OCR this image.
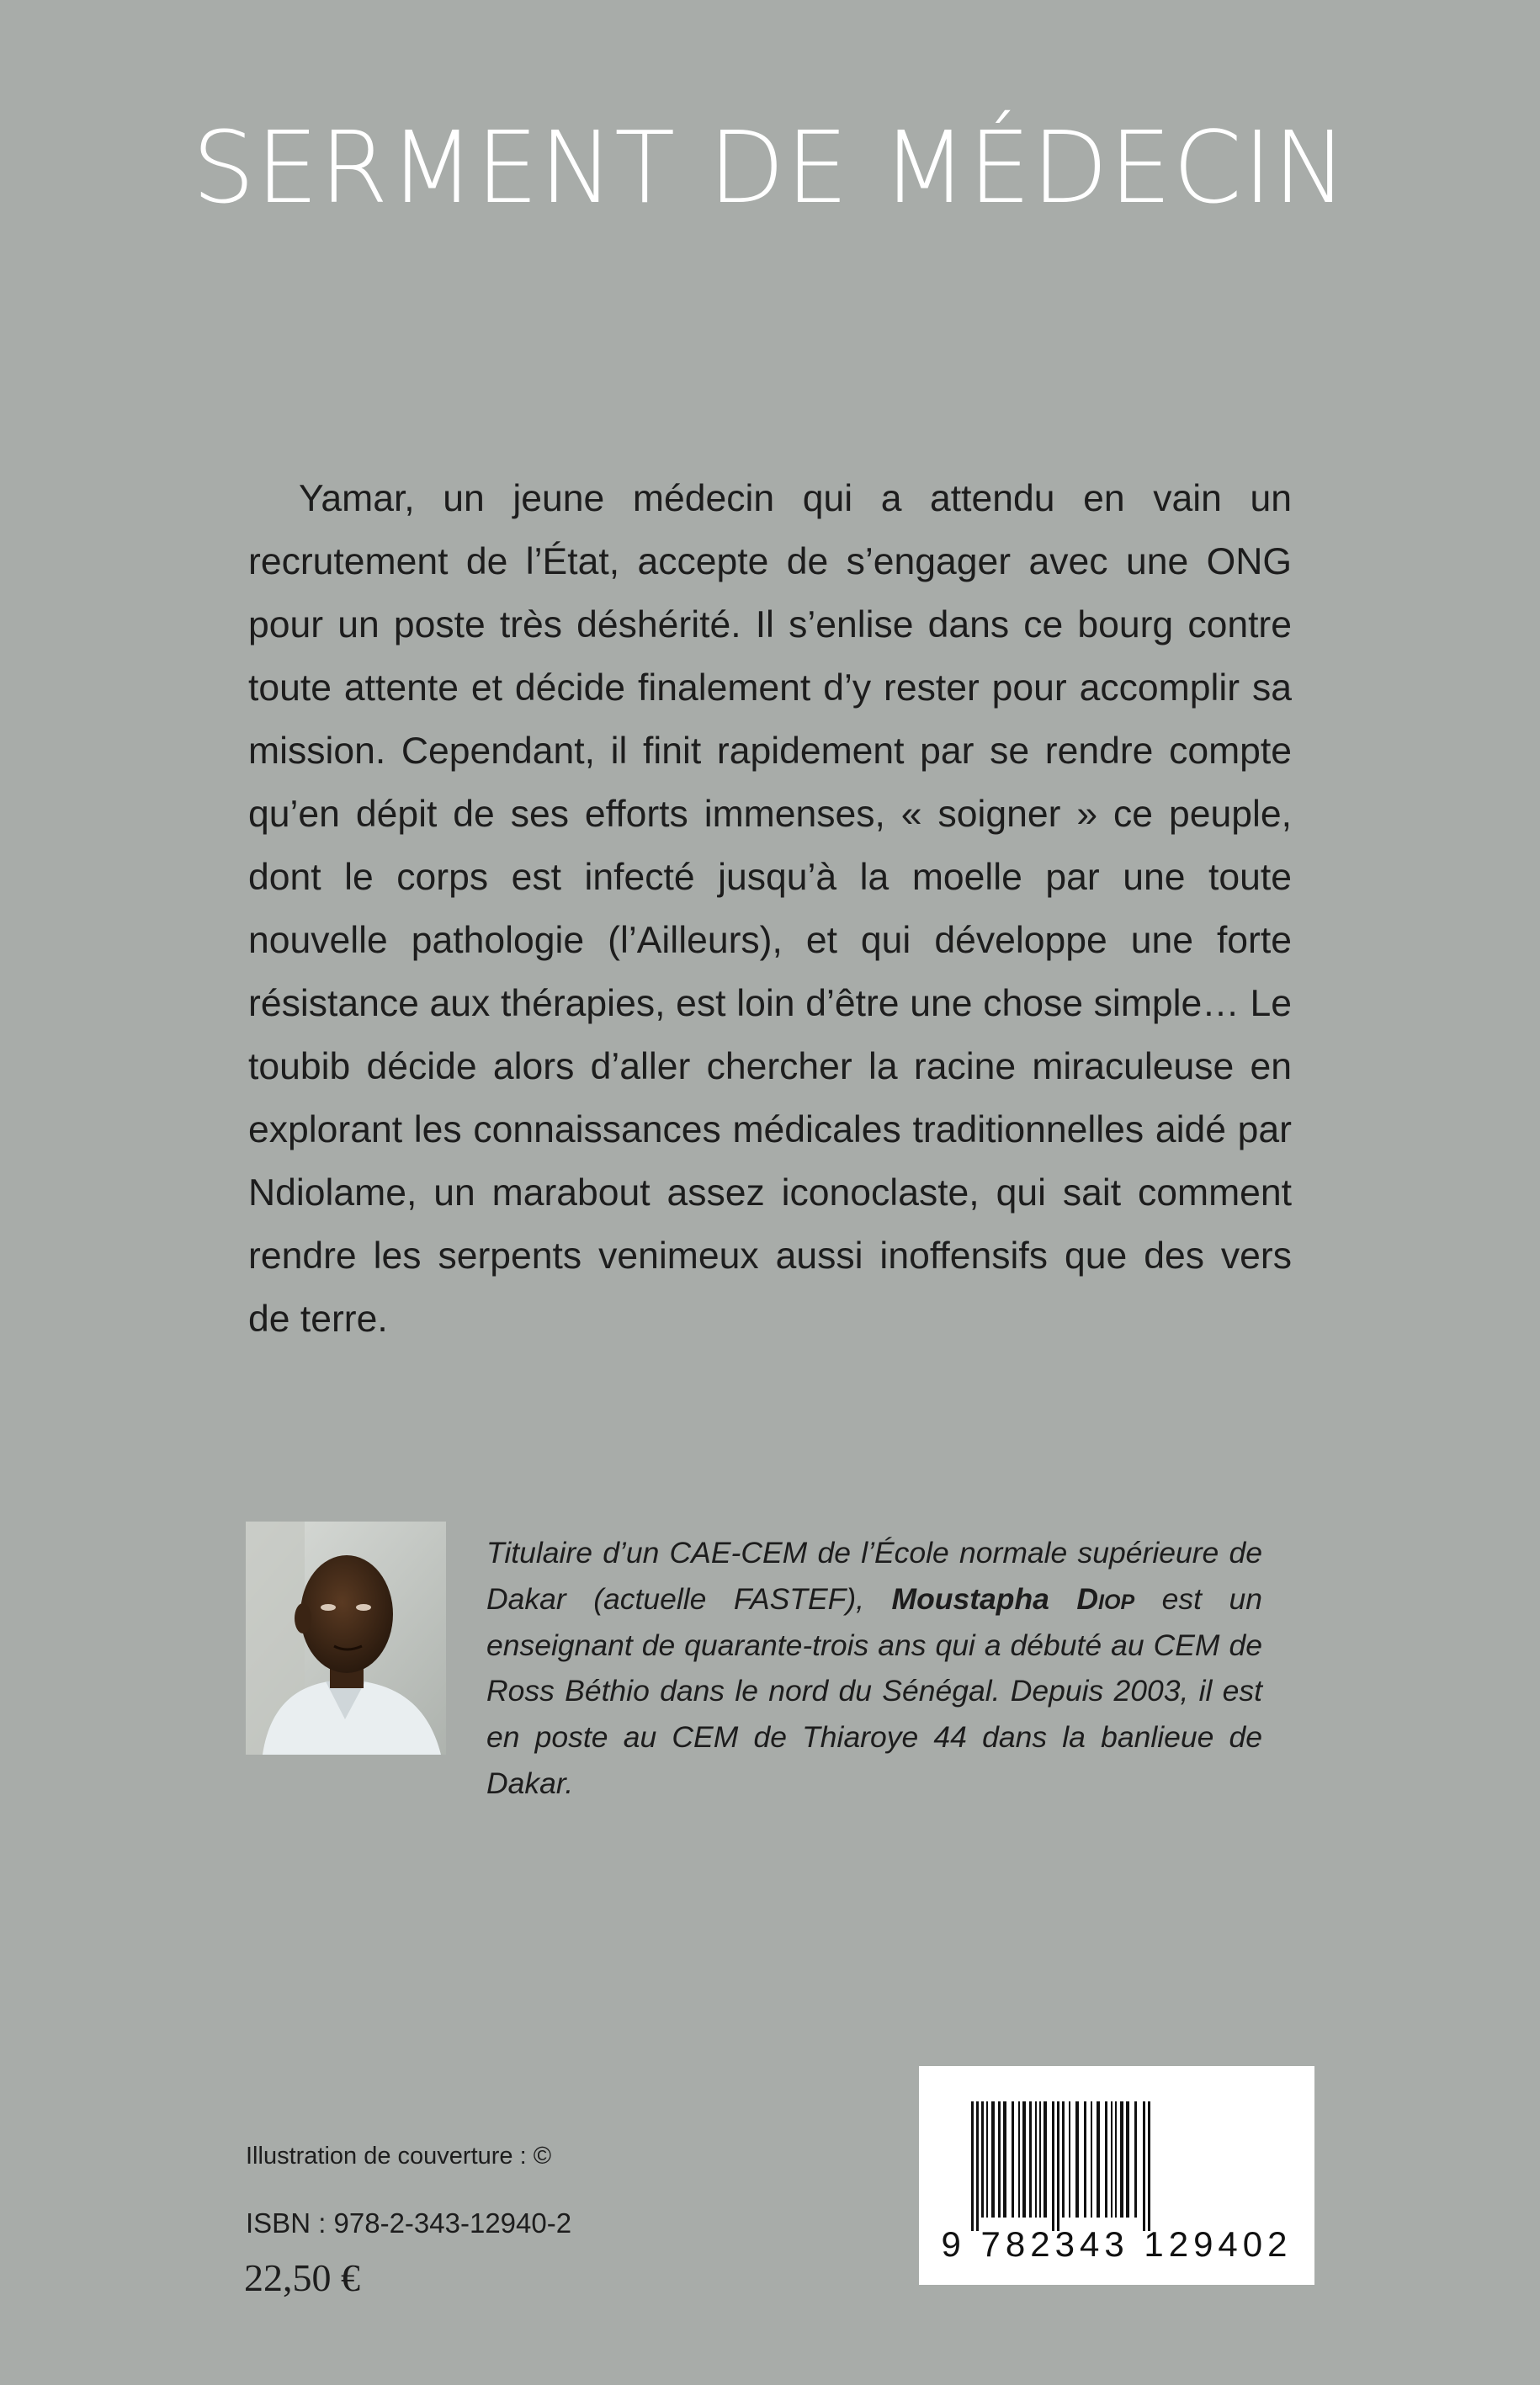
SERMENT DE MÉDECIN

Yamar, un jeune médecin qui a attendu en vain un recrutement de l’État, accepte de s’engager avec une ONG pour un poste très déshérité. Il s’enlise dans ce bourg contre toute attente et décide finalement d’y rester pour accomplir sa mission. Cependant, il finit rapidement par se rendre compte qu’en dépit de ses efforts immenses, « soigner » ce peuple, dont le corps est infecté jusqu’à la moelle par une toute nouvelle pathologie (l’Ailleurs), et qui développe une forte résistance aux thérapies, est loin d’être une chose simple… Le toubib décide alors d’aller chercher la racine miraculeuse en explorant les connaissances médicales traditionnelles aidé par Ndiolame, un marabout assez iconoclaste, qui sait comment rendre les serpents venimeux aussi inoffensifs que des vers de terre.

Titulaire d’un CAE-CEM de l’École normale supérieure de Dakar (actuelle FASTEF), Moustapha Diop est un enseignant de quarante-trois ans qui a débuté au CEM de Ross Béthio dans le nord du Sénégal. Depuis 2003, il est en poste au CEM de Thiaroye 44 dans la banlieue de Dakar.

Illustration de couverture : ©
ISBN : 978-2-343-12940-2
22,50 €
9 782343 129402
